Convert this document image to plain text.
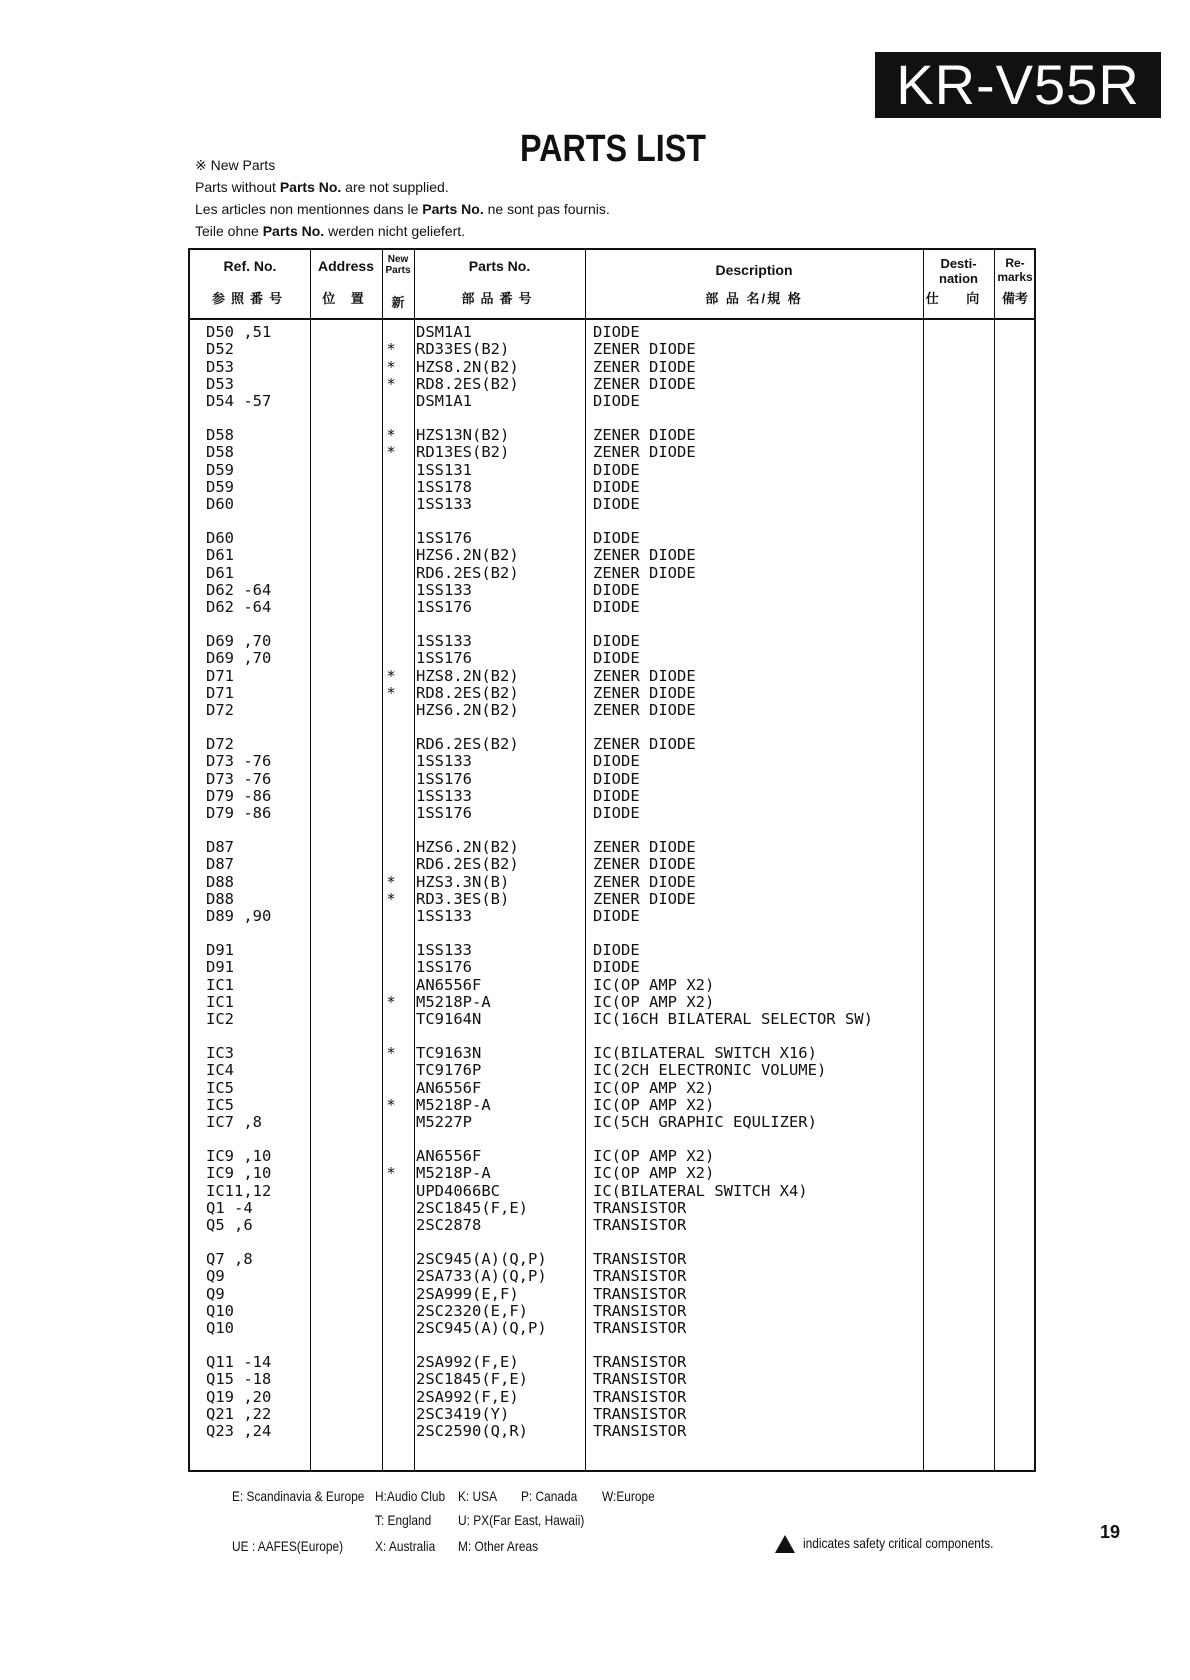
KR-V55R
PARTS LIST
※ New Parts
Parts without Parts No. are not supplied.
Les articles non mentionnes dans le Parts No. ne sont pas fournis.
Teile ohne Parts No. werden nicht geliefert.
Ref. No.
参照番号
Address
位 置
New Parts
新
Parts No.
部品番号
Description
部 品 名/規 格
Desti- nation
仕 向
Re- marks
備考
D50 ,51	DSM1A1	DIODE
D52	*	RD33ES(B2)	ZENER DIODE
D53	*	HZS8.2N(B2)	ZENER DIODE
D53	*	RD8.2ES(B2)	ZENER DIODE
D54 -57	DSM1A1	DIODE
D58	*	HZS13N(B2)	ZENER DIODE
D58	*	RD13ES(B2)	ZENER DIODE
D59	1SS131	DIODE
D59	1SS178	DIODE
D60	1SS133	DIODE
D60	1SS176	DIODE
D61	HZS6.2N(B2)	ZENER DIODE
D61	RD6.2ES(B2)	ZENER DIODE
D62 -64	1SS133	DIODE
D62 -64	1SS176	DIODE
D69 ,70	1SS133	DIODE
D69 ,70	1SS176	DIODE
D71	*	HZS8.2N(B2)	ZENER DIODE
D71	*	RD8.2ES(B2)	ZENER DIODE
D72	HZS6.2N(B2)	ZENER DIODE
D72	RD6.2ES(B2)	ZENER DIODE
D73 -76	1SS133	DIODE
D73 -76	1SS176	DIODE
D79 -86	1SS133	DIODE
D79 -86	1SS176	DIODE
D87	HZS6.2N(B2)	ZENER DIODE
D87	RD6.2ES(B2)	ZENER DIODE
D88	*	HZS3.3N(B)	ZENER DIODE
D88	*	RD3.3ES(B)	ZENER DIODE
D89 ,90	1SS133	DIODE
D91	1SS133	DIODE
D91	1SS176	DIODE
IC1	AN6556F	IC(OP AMP X2)
IC1	*	M5218P-A	IC(OP AMP X2)
IC2	TC9164N	IC(16CH BILATERAL SELECTOR SW)
IC3	*	TC9163N	IC(BILATERAL SWITCH X16)
IC4	TC9176P	IC(2CH ELECTRONIC VOLUME)
IC5	AN6556F	IC(OP AMP X2)
IC5	*	M5218P-A	IC(OP AMP X2)
IC7 ,8	M5227P	IC(5CH GRAPHIC EQULIZER)
IC9 ,10	AN6556F	IC(OP AMP X2)
IC9 ,10	*	M5218P-A	IC(OP AMP X2)
IC11,12	UPD4066BC	IC(BILATERAL SWITCH X4)
Q1 -4	2SC1845(F,E)	TRANSISTOR
Q5 ,6	2SC2878	TRANSISTOR
Q7 ,8	2SC945(A)(Q,P)	TRANSISTOR
Q9	2SA733(A)(Q,P)	TRANSISTOR
Q9	2SA999(E,F)	TRANSISTOR
Q10	2SC2320(E,F)	TRANSISTOR
Q10	2SC945(A)(Q,P)	TRANSISTOR
Q11 -14	2SA992(F,E)	TRANSISTOR
Q15 -18	2SC1845(F,E)	TRANSISTOR
Q19 ,20	2SA992(F,E)	TRANSISTOR
Q21 ,22	2SC3419(Y)	TRANSISTOR
Q23 ,24	2SC2590(Q,R)	TRANSISTOR
E: Scandinavia & Europe H:Audio Club K: USA P: Canada W:Europe
T: England U: PX(Far East, Hawaii)
UE : AAFES(Europe) X: Australia M: Other Areas	indicates safety critical components.
19
